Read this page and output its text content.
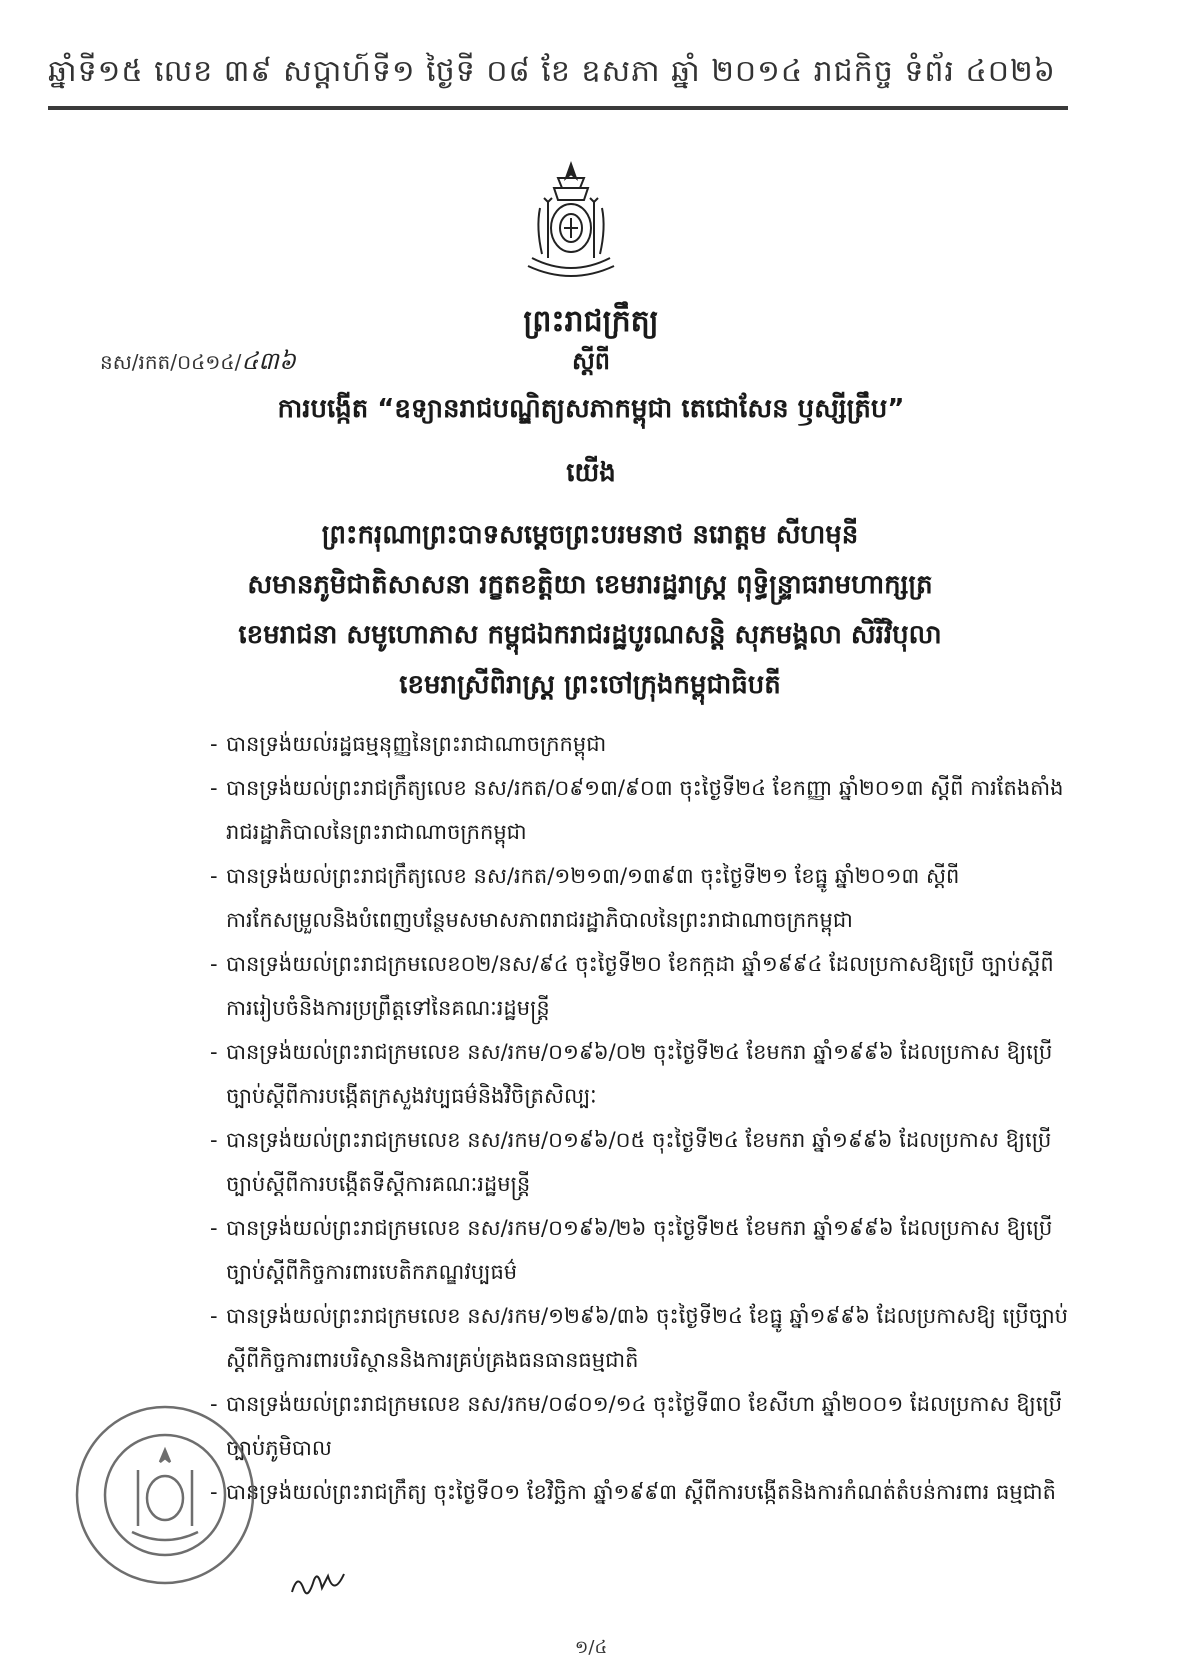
ឆ្នាំទី១៥ លេខ ៣៩ សប្តាហ៍ទី១ ថ្ងៃទី ០៨ ខែ ឧសភា ឆ្នាំ ២០១៤ រាជកិច្ច ទំព័រ ៤០២៦
ព្រះរាជក្រឹត្យ
នស/រកត/០៤១៤/៤៣៦	ស្តីពី
ការបង្កើត “ឧទ្យានរាជបណ្ឌិត្យសភាកម្ពុជា តេជោសែន ឫស្សីត្រឹប”
យើង
ព្រះករុណាព្រះបាទសម្តេចព្រះបរមនាថ នរោត្តម សីហមុនី
សមានភូមិជាតិសាសនា រក្ខតខត្តិយា ខេមរារដ្ឋរាស្ត្រ ពុទ្ធិន្រ្ទាធរាមហាក្សត្រ
ខេមរាជនា សមូហោភាស កម្ពុជឯករាជរដ្ឋបូរណសន្តិ សុភមង្គលា សិរីវិបុលា
ខេមរាស្រីពិរាស្ត្រ ព្រះចៅក្រុងកម្ពុជាធិបតី
- បានទ្រង់យល់រដ្ឋធម្មនុញ្ញនៃព្រះរាជាណាចក្រកម្ពុជា
- បានទ្រង់យល់ព្រះរាជក្រឹត្យលេខ នស/រកត/០៩១៣/៩០៣ ចុះថ្ងៃទី២៤ ខែកញ្ញា ឆ្នាំ២០១៣ ស្តីពី ការតែងតាំងរាជរដ្ឋាភិបាលនៃព្រះរាជាណាចក្រកម្ពុជា
- បានទ្រង់យល់ព្រះរាជក្រឹត្យលេខ នស/រកត/១២១៣/១៣៩៣ ចុះថ្ងៃទី២១ ខែធ្នូ ឆ្នាំ២០១៣ ស្តីពី ការកែសម្រួលនិងបំពេញបន្ថែមសមាសភាពរាជរដ្ឋាភិបាលនៃព្រះរាជាណាចក្រកម្ពុជា
- បានទ្រង់យល់ព្រះរាជក្រមលេខ០២/នស/៩៤ ចុះថ្ងៃទី២០ ខែកក្កដា ឆ្នាំ១៩៩៤ ដែលប្រកាសឱ្យប្រើ ច្បាប់ស្តីពីការរៀបចំនិងការប្រព្រឹត្តទៅនៃគណៈរដ្ឋមន្ត្រី
- បានទ្រង់យល់ព្រះរាជក្រមលេខ នស/រកម/០១៩៦/០២ ចុះថ្ងៃទី២៤ ខែមករា ឆ្នាំ១៩៩៦ ដែលប្រកាស ឱ្យប្រើច្បាប់ស្តីពីការបង្កើតក្រសួងវប្បធម៌និងវិចិត្រសិល្បៈ
- បានទ្រង់យល់ព្រះរាជក្រមលេខ នស/រកម/០១៩៦/០៥ ចុះថ្ងៃទី២៤ ខែមករា ឆ្នាំ១៩៩៦ ដែលប្រកាស ឱ្យប្រើច្បាប់ស្តីពីការបង្កើតទីស្តីការគណៈរដ្ឋមន្ត្រី
- បានទ្រង់យល់ព្រះរាជក្រមលេខ នស/រកម/០១៩៦/២៦ ចុះថ្ងៃទី២៥ ខែមករា ឆ្នាំ១៩៩៦ ដែលប្រកាស ឱ្យប្រើច្បាប់ស្តីពីកិច្ចការពារបេតិកភណ្ឌវប្បធម៌
- បានទ្រង់យល់ព្រះរាជក្រមលេខ នស/រកម/១២៩៦/៣៦ ចុះថ្ងៃទី២៤ ខែធ្នូ ឆ្នាំ១៩៩៦ ដែលប្រកាសឱ្យ ប្រើច្បាប់ស្តីពីកិច្ចការពារបរិស្ថាននិងការគ្រប់គ្រងធនធានធម្មជាតិ
- បានទ្រង់យល់ព្រះរាជក្រមលេខ នស/រកម/០៨០១/១៤ ចុះថ្ងៃទី៣០ ខែសីហា ឆ្នាំ២០០១ ដែលប្រកាស ឱ្យប្រើច្បាប់ភូមិបាល
- បានទ្រង់យល់ព្រះរាជក្រឹត្យ ចុះថ្ងៃទី០១ ខែវិច្ឆិកា ឆ្នាំ១៩៩៣ ស្តីពីការបង្កើតនិងការកំណត់តំបន់ការពារ ធម្មជាតិ
១/៤
